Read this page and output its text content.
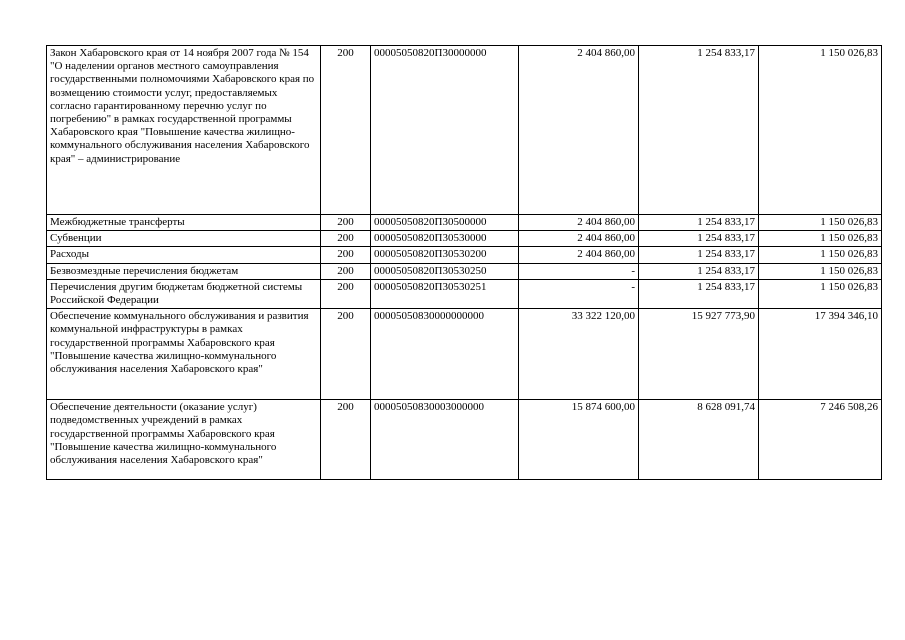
Закон Хабаровского края от 14 ноября 2007 года № 154 "О наделении органов местного самоуправления государственными полномочиями Хабаровского края по возмещению стоимости услуг, предоставляемых согласно гарантированному перечню услуг по погребению" в рамках государственной программы Хабаровского края "Повышение качества жилищно-коммунального обслуживания населения Хабаровского края" – администрирование	200	00005050820П30000000	2 404 860,00	1 254 833,17	1 150 026,83
Межбюджетные трансферты	200	00005050820П30500000	2 404 860,00	1 254 833,17	1 150 026,83
Субвенции	200	00005050820П30530000	2 404 860,00	1 254 833,17	1 150 026,83
Расходы	200	00005050820П30530200	2 404 860,00	1 254 833,17	1 150 026,83
Безвозмездные перечисления бюджетам	200	00005050820П30530250	-	1 254 833,17	1 150 026,83
Перечисления другим бюджетам бюджетной системы Российской Федерации	200	00005050820П30530251	-	1 254 833,17	1 150 026,83
Обеспечение коммунального обслуживания и развития коммунальной инфраструктуры в рамках государственной программы Хабаровского края "Повышение качества жилищно-коммунального обслуживания населения Хабаровского края"	200	00005050830000000000	33 322 120,00	15 927 773,90	17 394 346,10
Обеспечение деятельности (оказание услуг) подведомственных учреждений в рамках государственной программы Хабаровского края "Повышение качества жилищно-коммунального обслуживания населения Хабаровского края"	200	00005050830003000000	15 874 600,00	8 628 091,74	7 246 508,26
